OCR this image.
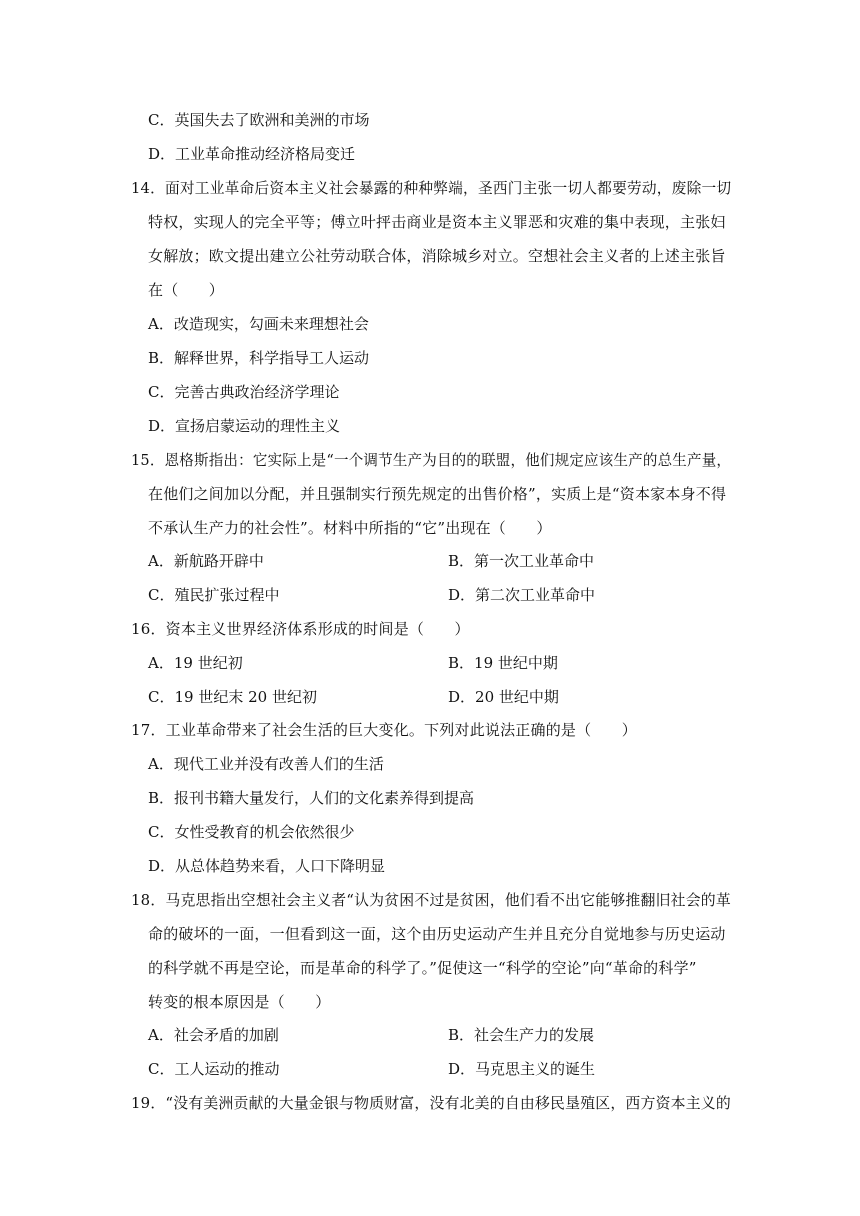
C．英国失去了欧洲和美洲的市场
D．工业革命推动经济格局变迁
14．面对工业革命后资本主义社会暴露的种种弊端，圣西门主张一切人都要劳动，废除一切
特权，实现人的完全平等；傅立叶抨击商业是资本主义罪恶和灾难的集中表现，主张妇
女解放；欧文提出建立公社劳动联合体，消除城乡对立。空想社会主义者的上述主张旨
在（　　）
A．改造现实，勾画未来理想社会
B．解释世界，科学指导工人运动
C．完善古典政治经济学理论
D．宣扬启蒙运动的理性主义
15．恩格斯指出：它实际上是“一个调节生产为目的的联盟，他们规定应该生产的总生产量，
在他们之间加以分配，并且强制实行预先规定的出售价格”，实质上是“资本家本身不得
不承认生产力的社会性”。材料中所指的“它”出现在（　　）
A．新航路开辟中	B．第一次工业革命中
C．殖民扩张过程中	D．第二次工业革命中
16．资本主义世界经济体系形成的时间是（　　）
A．19 世纪初	B．19 世纪中期
C．19 世纪末 20 世纪初	D．20 世纪中期
17．工业革命带来了社会生活的巨大变化。下列对此说法正确的是（　　）
A．现代工业并没有改善人们的生活
B．报刊书籍大量发行，人们的文化素养得到提高
C．女性受教育的机会依然很少
D．从总体趋势来看，人口下降明显
18．马克思指出空想社会主义者“认为贫困不过是贫困，他们看不出它能够推翻旧社会的革
命的破坏的一面，一但看到这一面，这个由历史运动产生并且充分自觉地参与历史运动
的科学就不再是空论，而是革命的科学了。”促使这一“科学的空论”向“革命的科学”
转变的根本原因是（　　）
A．社会矛盾的加剧	B．社会生产力的发展
C．工人运动的推动	D．马克思主义的诞生
19．“没有美洲贡献的大量金银与物质财富，没有北美的自由移民垦殖区，西方资本主义的
